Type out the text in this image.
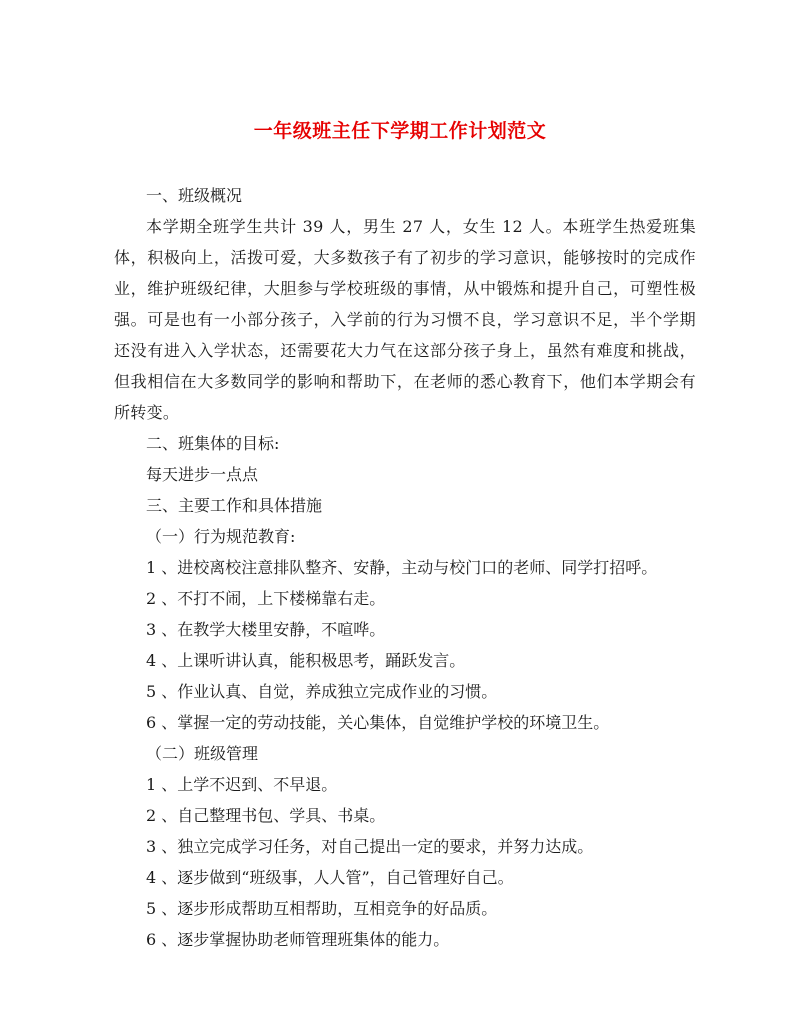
一年级班主任下学期工作计划范文

一、班级概况

本学期全班学生共计 39 人，男生 27 人，女生 12 人。本班学生热爱班集体，积极向上，活拨可爱，大多数孩子有了初步的学习意识，能够按时的完成作业，维护班级纪律，大胆参与学校班级的事情，从中锻炼和提升自己，可塑性极强。可是也有一小部分孩子，入学前的行为习惯不良，学习意识不足，半个学期还没有进入入学状态，还需要花大力气在这部分孩子身上，虽然有难度和挑战，但我相信在大多数同学的影响和帮助下，在老师的悉心教育下，他们本学期会有所转变。

二、班集体的目标:

每天进步一点点

三、主要工作和具体措施

（一）行为规范教育:

1 、进校离校注意排队整齐、安静，主动与校门口的老师、同学打招呼。

2 、不打不闹，上下楼梯靠右走。

3 、在教学大楼里安静，不喧哗。

4 、上课听讲认真，能积极思考，踊跃发言。

5 、作业认真、自觉，养成独立完成作业的习惯。

6 、掌握一定的劳动技能，关心集体，自觉维护学校的环境卫生。

（二）班级管理

1 、上学不迟到、不早退。

2 、自己整理书包、学具、书桌。

3 、独立完成学习任务，对自己提出一定的要求，并努力达成。

4 、逐步做到“班级事，人人管”，自己管理好自己。

5 、逐步形成帮助互相帮助，互相竞争的好品质。

6 、逐步掌握协助老师管理班集体的能力。
